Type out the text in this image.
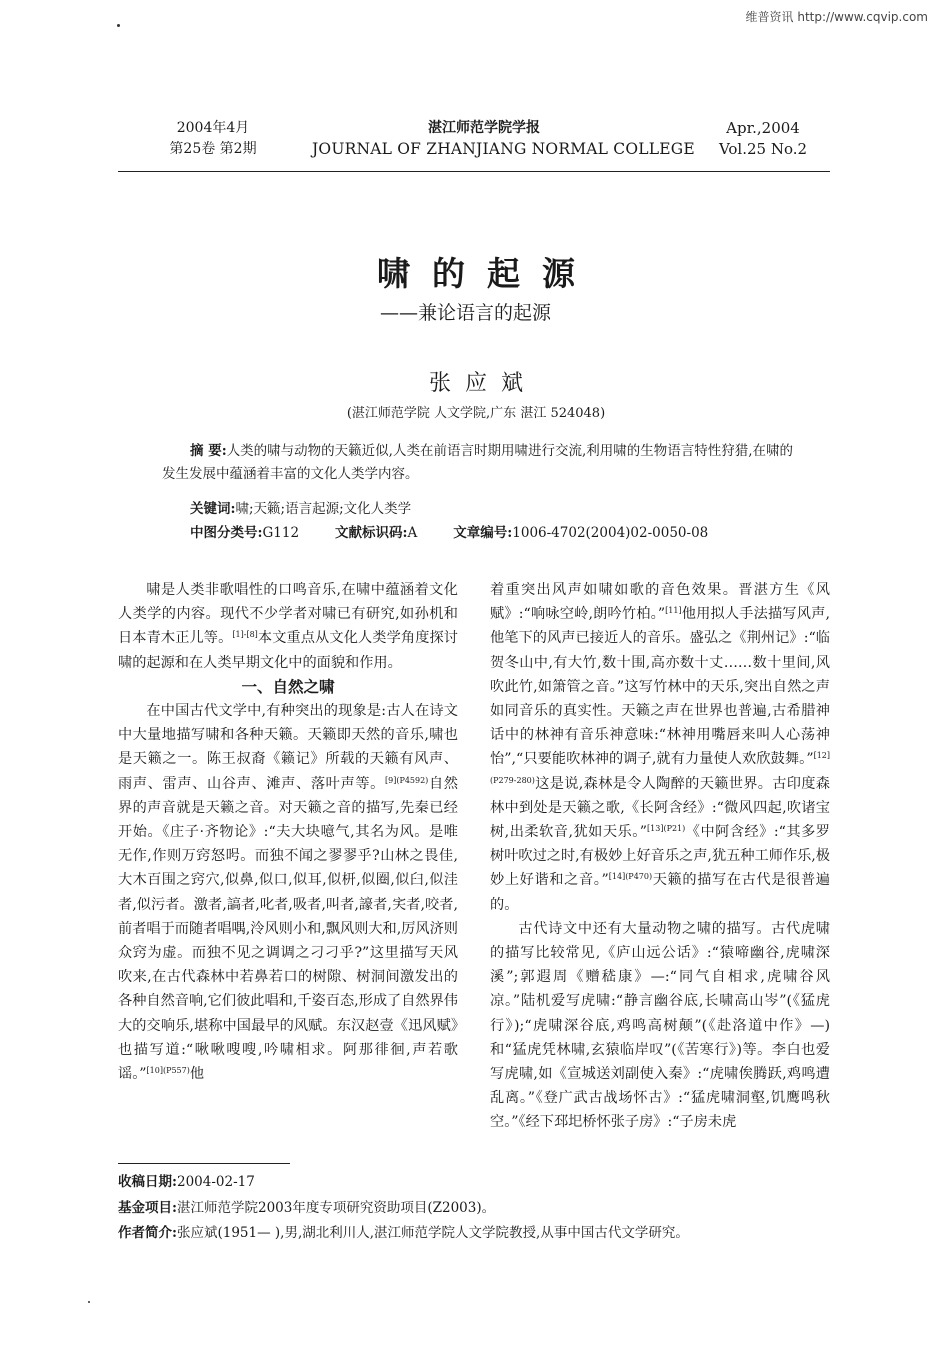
维普资讯 http://www.cqvip.com
2004年4月
第25卷 第2期
湛江师范学院学报
JOURNAL OF ZHANJIANG NORMAL COLLEGE
Apr.,2004
Vol.25 No.2
啸的起源
——兼论语言的起源
张应斌
(湛江师范学院 人文学院,广东 湛江 524048)
摘 要:人类的啸与动物的天籁近似,人类在前语言时期用啸进行交流,利用啸的生物语言特性狩猎,在啸的发生发展中蕴涵着丰富的文化人类学内容。
关键词:啸;天籁;语言起源;文化人类学
中图分类号:G112	文献标识码:A	文章编号:1006-4702(2004)02-0050-08

啸是人类非歌唱性的口鸣音乐,在啸中蕴涵着文化人类学的内容。现代不少学者对啸已有研究,如孙机和日本青木正儿等。[1]-[8]本文重点从文化人类学角度探讨啸的起源和在人类早期文化中的面貌和作用。

一、自然之啸

在中国古代文学中,有种突出的现象是:古人在诗文中大量地描写啸和各种天籁。天籁即天然的音乐,啸也是天籁之一。陈王叔裔《籁记》所载的天籁有风声、雨声、雷声、山谷声、滩声、落叶声等。$^{[9](P4592)}$自然界的声音就是天籁之音。对天籁之音的描写,先秦已经开始。《庄子·齐物论》:“夫大块噫气,其名为风。是唯无作,作则万窍怒呺。而独不闻之翏翏乎?山林之畏佳,大木百围之窍穴,似鼻,似口,似耳,似枅,似圈,似臼,似洼者,似污者。激者,謞者,叱者,吸者,叫者,譹者,宎者,咬者,前者唱于而随者唱喁,泠风则小和,飘风则大和,厉风济则众窍为虚。而独不见之调调之刁刁乎?”这里描写天风吹来,在古代森林中若鼻若口的树隙、树洞间激发出的各种自然音响,它们彼此唱和,千姿百态,形成了自然界伟大的交响乐,堪称中国最早的风赋。东汉赵壹《迅风赋》也描写道:“啾啾嗖嗖,吟啸相求。阿那徘徊,声若歌谣。”$^{[10](P557)}$他

着重突出风声如啸如歌的音色效果。晋湛方生《风赋》:“响咏空岭,朗吟竹柏。”[11]他用拟人手法描写风声,他笔下的风声已接近人的音乐。盛弘之《荆州记》:“临贺冬山中,有大竹,数十围,高亦数十丈……数十里间,风吹此竹,如箫管之音。”这写竹林中的天乐,突出自然之声如同音乐的真实性。天籁之声在世界也普遍,古希腊神话中的林神有音乐神意味:“林神用嘴唇来叫人心荡神怡”,“只要能吹林神的调子,就有力量使人欢欣鼓舞。”$^{[12](P279-280)}$这是说,森林是令人陶醉的天籁世界。古印度森林中到处是天籁之歌,《长阿含经》:“微风四起,吹诸宝树,出柔软音,犹如天乐。”$^{[13](P21)}$《中阿含经》:“其多罗树叶吹过之时,有极妙上好音乐之声,犹五种工师作乐,极妙上好谐和之音。”$^{[14](P470)}$天籁的描写在古代是很普遍的。

古代诗文中还有大量动物之啸的描写。古代虎啸的描写比较常见,《庐山远公话》:“猿啼幽谷,虎啸深溪”;郭遐周《赠嵇康》—:“同气自相求,虎啸谷风凉。”陆机爱写虎啸:“静言幽谷底,长啸高山岑”(《猛虎行》);“虎啸深谷底,鸡鸣高树颠”(《赴洛道中作》—)和“猛虎凭林啸,玄猿临岸叹”(《苦寒行》)等。李白也爱写虎啸,如《宣城送刘副使入秦》:“虎啸俟腾跃,鸡鸣遭乱离。”《登广武古战场怀古》:“猛虎啸洞壑,饥鹰鸣秋空。”《经下邳圯桥怀张子房》:“子房未虎

收稿日期:2004-02-17
基金项目:湛江师范学院2003年度专项研究资助项目(Z2003)。
作者简介:张应斌(1951— ),男,湖北利川人,湛江师范学院人文学院教授,从事中国古代文学研究。
